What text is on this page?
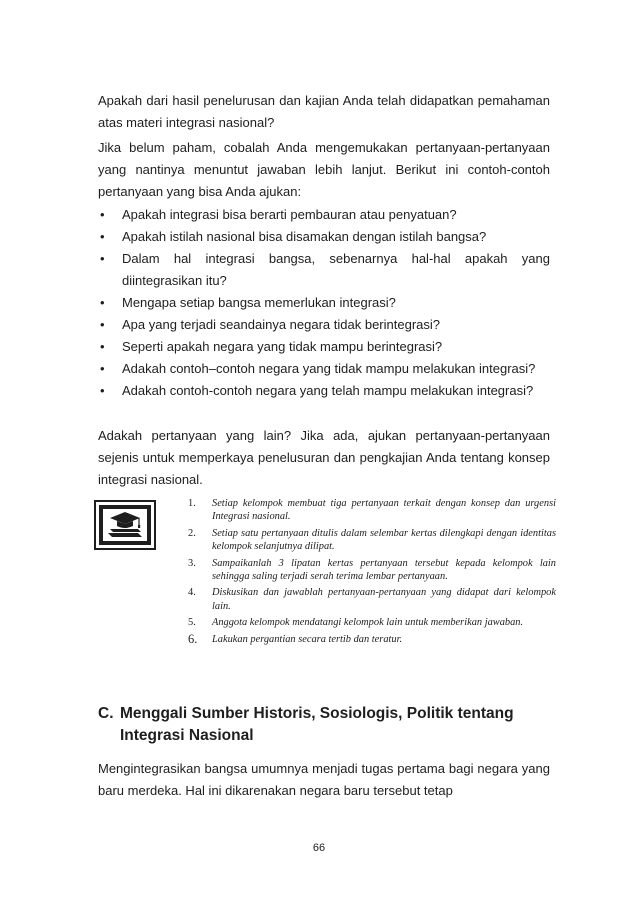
Apakah dari hasil penelurusan dan kajian Anda telah didapatkan pemahaman atas materi integrasi nasional?

Jika belum paham, cobalah Anda mengemukakan pertanyaan-pertanyaan yang nantinya menuntut jawaban lebih lanjut. Berikut ini contoh-contoh pertanyaan yang bisa Anda ajukan:

• Apakah integrasi bisa berarti pembauran atau penyatuan?
• Apakah istilah nasional bisa disamakan dengan istilah bangsa?
• Dalam hal integrasi bangsa, sebenarnya hal-hal apakah yang diintegrasikan itu?
• Mengapa setiap bangsa memerlukan integrasi?
• Apa yang terjadi seandainya negara tidak berintegrasi?
• Seperti apakah negara yang tidak mampu berintegrasi?
• Adakah contoh–contoh negara yang tidak mampu melakukan integrasi?
• Adakah contoh-contoh negara yang telah mampu melakukan integrasi?

Adakah pertanyaan yang lain? Jika ada, ajukan pertanyaan-pertanyaan sejenis untuk memperkaya penelusuran dan pengkajian Anda tentang konsep integrasi nasional.

1. Setiap kelompok membuat tiga pertanyaan terkait dengan konsep dan urgensi Integrasi nasional.
2. Setiap satu pertanyaan ditulis dalam selembar kertas dilengkapi dengan identitas kelompok selanjutnya dilipat.
3. Sampaikanlah 3 lipatan kertas pertanyaan tersebut kepada kelompok lain sehingga saling terjadi serah terima lembar pertanyaan.
4. Diskusikan dan jawablah pertanyaan-pertanyaan yang didapat dari kelompok lain.
5. Anggota kelompok mendatangi kelompok lain untuk memberikan jawaban.
6. Lakukan pergantian secara tertib dan teratur.
C. Menggali Sumber Historis, Sosiologis, Politik tentang
Integrasi Nasional

Mengintegrasikan bangsa umumnya menjadi tugas pertama bagi negara yang baru merdeka. Hal ini dikarenakan negara baru tersebut tetap

66
